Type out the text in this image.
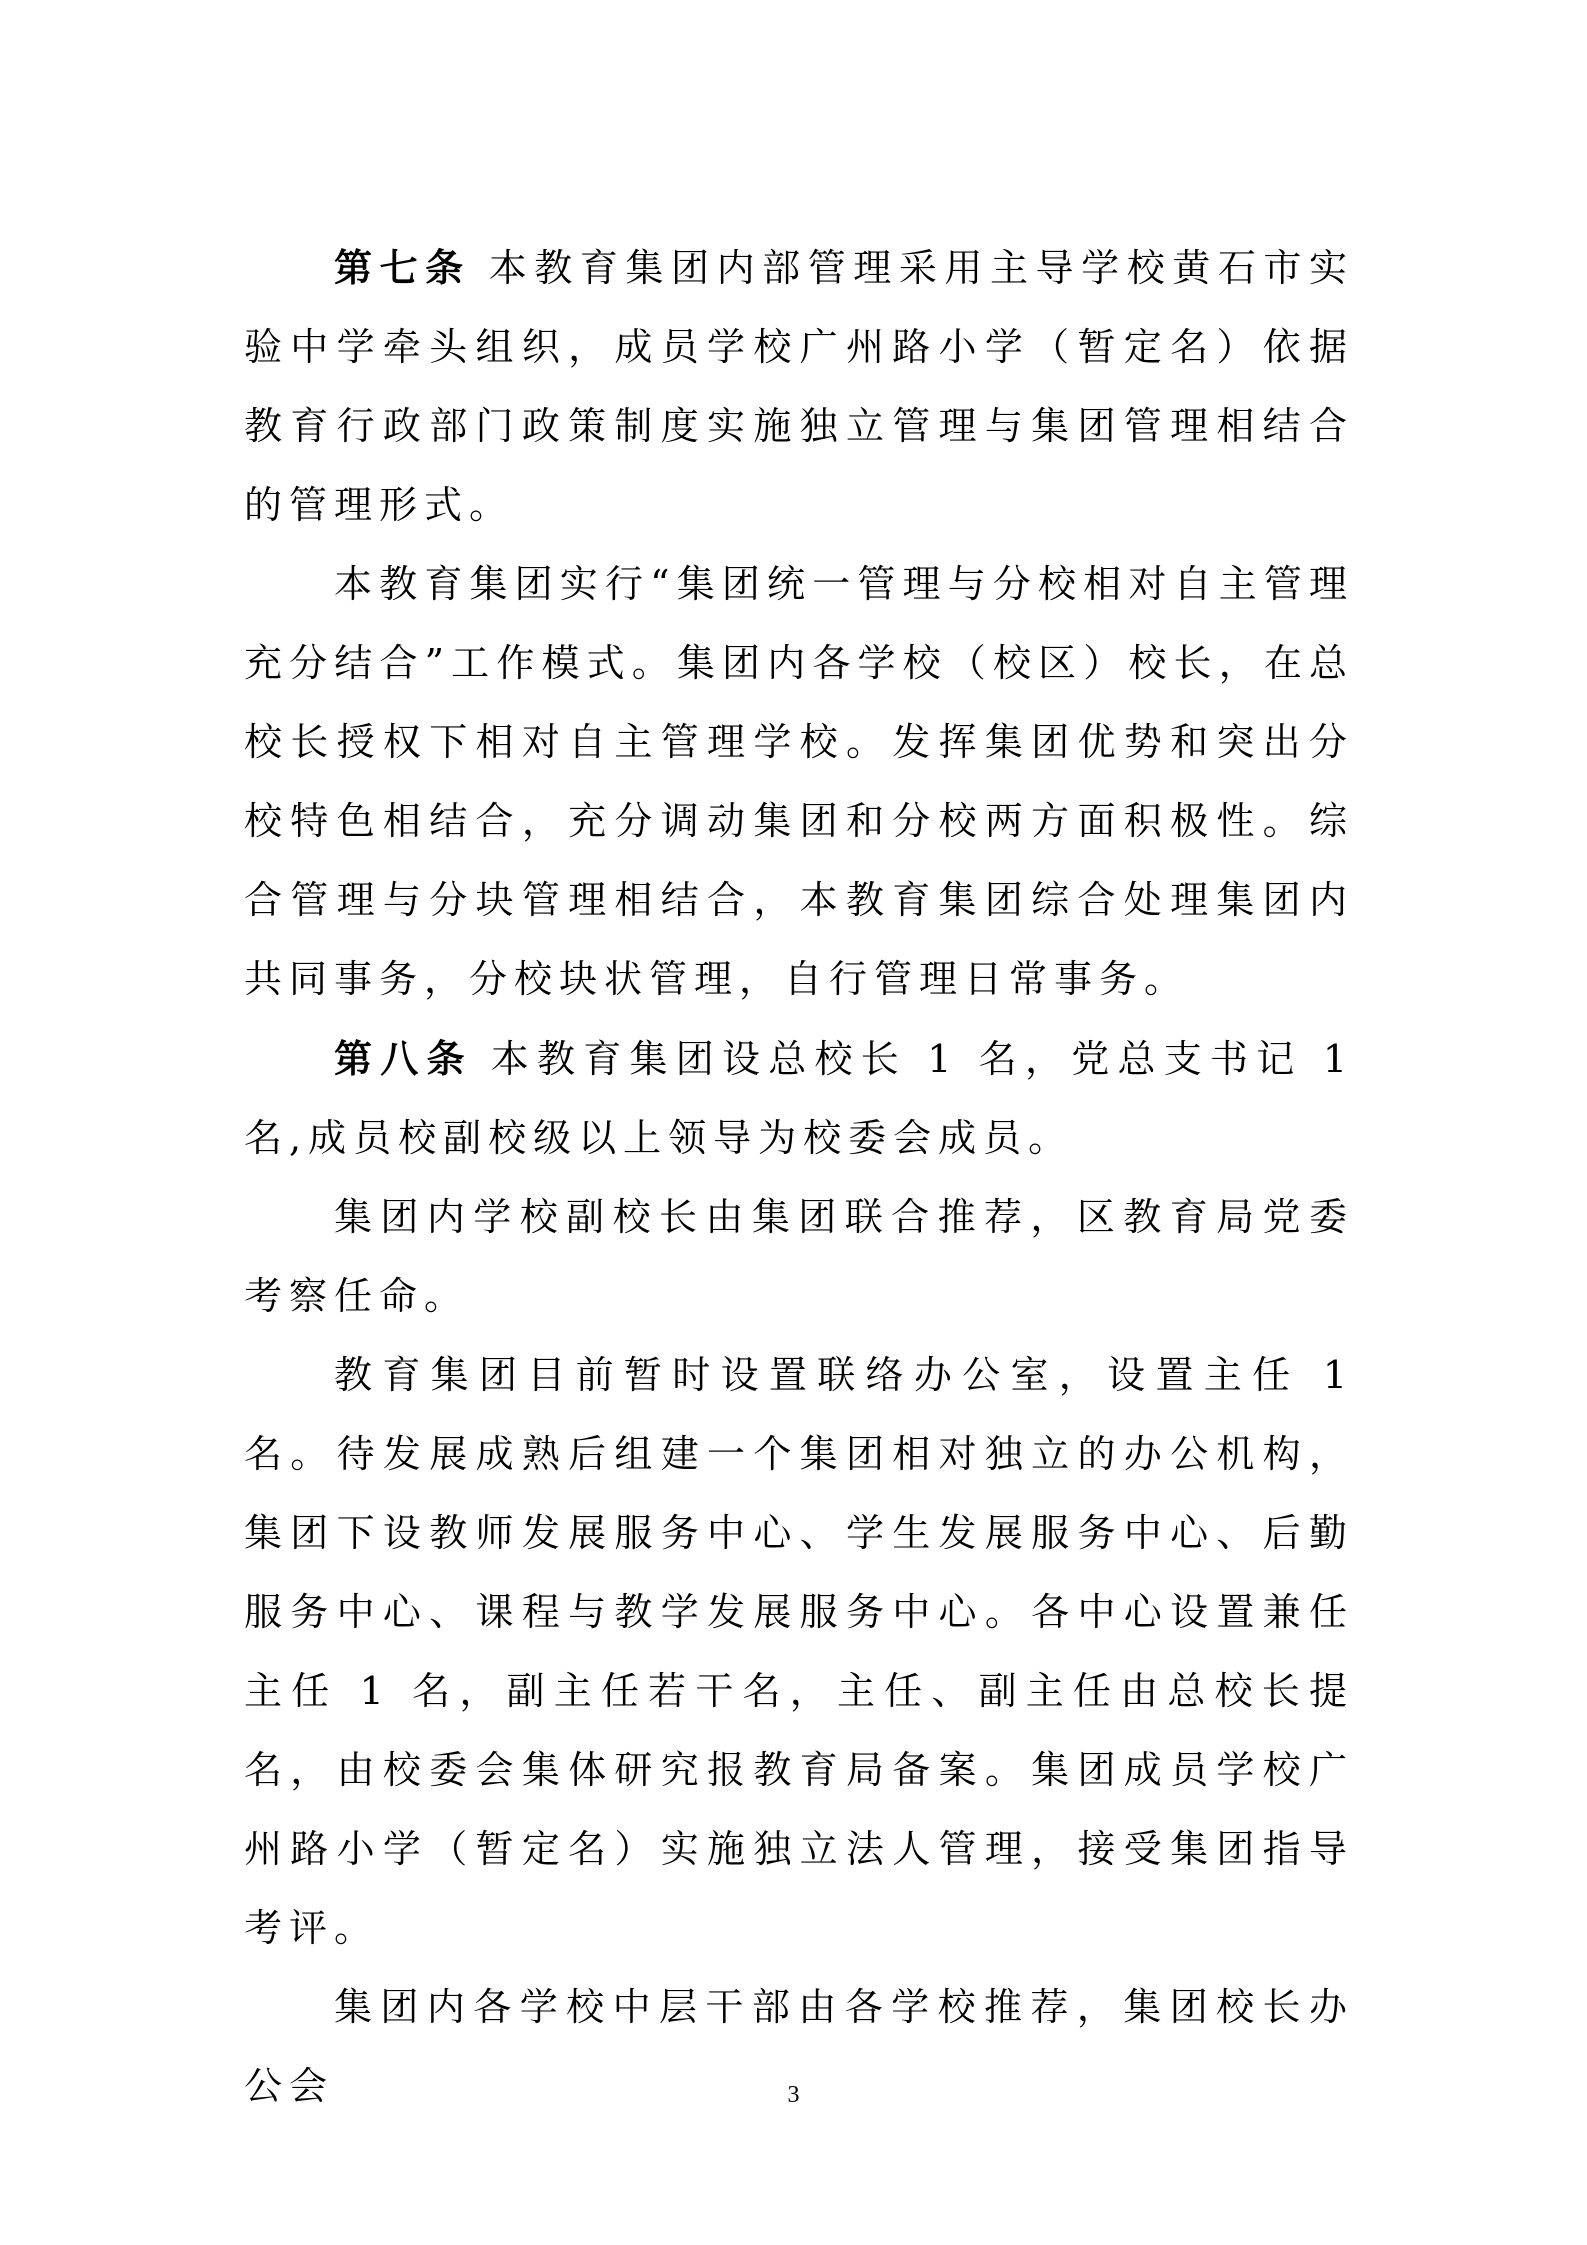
第七条 本教育集团内部管理采用主导学校黄石市实验中学牵头组织，成员学校广州路小学（暂定名）依据教育行政部门政策制度实施独立管理与集团管理相结合的管理形式。

本教育集团实行“集团统一管理与分校相对自主管理充分结合”工作模式。集团内各学校（校区）校长，在总校长授权下相对自主管理学校。发挥集团优势和突出分校特色相结合，充分调动集团和分校两方面积极性。综合管理与分块管理相结合，本教育集团综合处理集团内共同事务，分校块状管理，自行管理日常事务。

第八条 本教育集团设总校长 1 名，党总支书记 1 名,成员校副校级以上领导为校委会成员。

集团内学校副校长由集团联合推荐，区教育局党委考察任命。

教育集团目前暂时设置联络办公室，设置主任 1 名。待发展成熟后组建一个集团相对独立的办公机构，集团下设教师发展服务中心、学生发展服务中心、后勤服务中心、课程与教学发展服务中心。各中心设置兼任主任 1 名，副主任若干名，主任、副主任由总校长提名，由校委会集体研究报教育局备案。集团成员学校广州路小学（暂定名）实施独立法人管理，接受集团指导考评。

集团内各学校中层干部由各学校推荐，集团校长办公会	3
